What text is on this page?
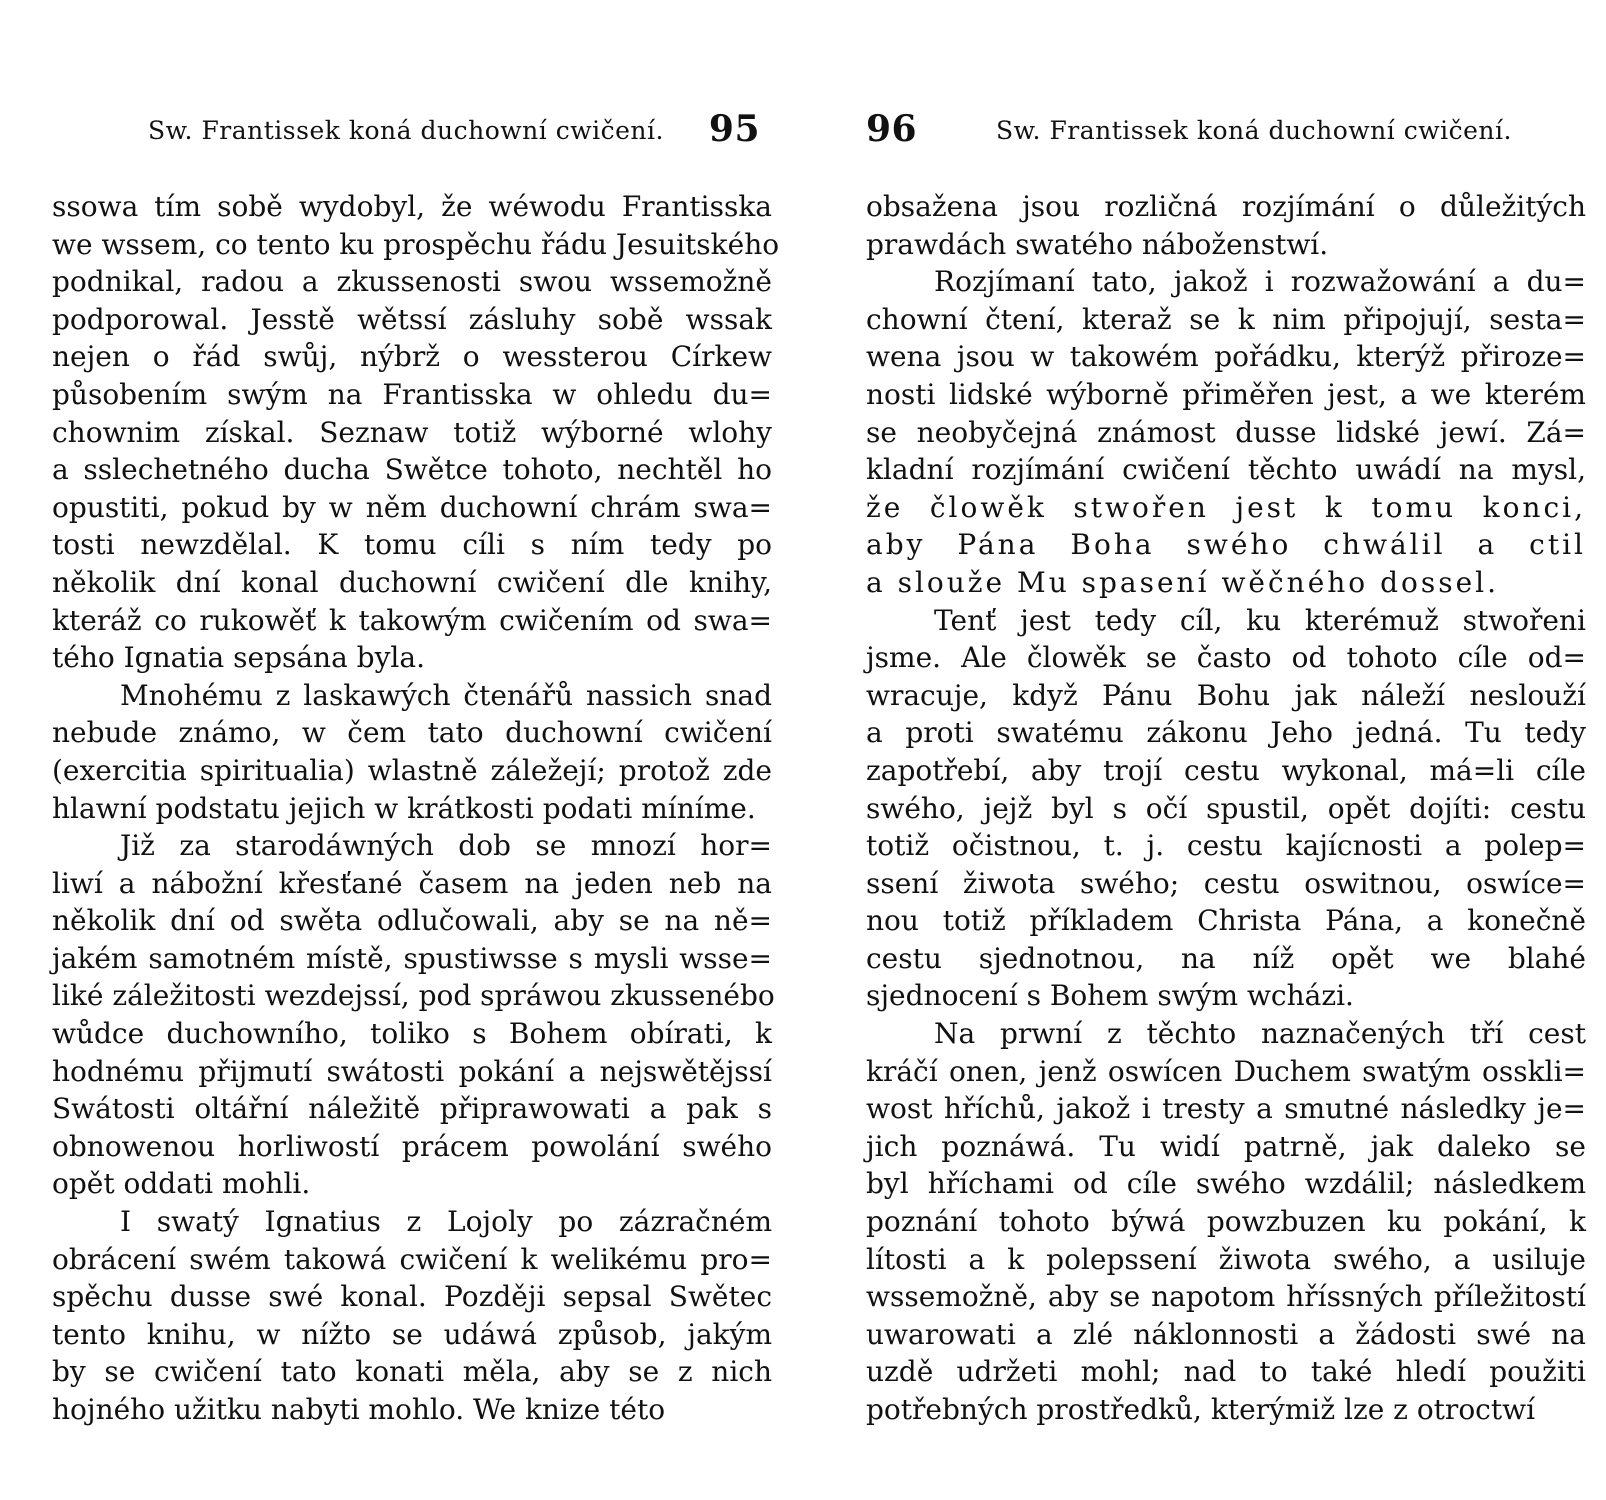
Sw. Frantissek koná duchowní cwičení. 95
ssowa tím sobě wydobyl, že wéwodu Frantisska
we wssem, co tento ku prospěchu řádu Jesuitského
podnikal, radou a zkussenosti swou wssemožně
podporowal. Jesstě wětssí zásluhy sobě wssak
nejen o řád swůj, nýbrž o wessterou Církew
působením swým na Frantisska w ohledu du=
chownim získal. Seznaw totiž wýborné wlohy
a sslechetného ducha Swětce tohoto, nechtěl ho
opustiti, pokud by w něm duchowní chrám swa=
tosti newzdělal. K tomu cíli s ním tedy po
několik dní konal duchowní cwičení dle knihy,
kteráž co rukowěť k takowým cwičením od swa=
tého Ignatia sepsána byla.
Mnohému z laskawých čtenářů nassich snad
nebude známo, w čem tato duchowní cwičení
(exercitia spiritualia) wlastně záležejí; protož zde
hlawní podstatu jejich w krátkosti podati míníme.
Již za starodáwných dob se mnozí hor=
liwí a nábožní křesťané časem na jeden neb na
několik dní od swěta odlučowali, aby se na ně=
jakém samotném místě, spustiwsse s mysli wsse=
liké záležitosti wezdejssí, pod spráwou zkussenébo
wůdce duchowního, toliko s Bohem obírati, k
hodnému přijmutí swátosti pokání a nejswětějssí
Swátosti oltářní náležitě připrawowati a pak s
obnowenou horliwostí prácem powolání swého
opět oddati mohli.
I swatý Ignatius z Lojoly po zázračném
obrácení swém takowá cwičení k welikému pro=
spěchu dusse swé konal. Později sepsal Swětec
tento knihu, w nížto se udáwá způsob, jakým
by se cwičení tato konati měla, aby se z nich
hojného užitku nabyti mohlo. We knize této
96	Sw. Frantissek koná duchowní cwičení.
obsažena jsou rozličná rozjímání o důležitých
prawdách swatého náboženstwí.
Rozjímaní tato, jakož i rozwažowání a du=
chowní čtení, kteraž se k nim připojují, sesta=
wena jsou w takowém pořádku, kterýž přiroze=
nosti lidské wýborně přiměřen jest, a we kterém
se neobyčejná známost dusse lidské jewí. Zá=
kladní rozjímání cwičení těchto uwádí na mysl,
že člowěk stwořen jest k tomu konci,
aby Pána Boha swého chwálil a ctil
a slouže Mu spasení wěčného dossel.
Tenť jest tedy cíl, ku kterémuž stwořeni
jsme. Ale člowěk se často od tohoto cíle od=
wracuje, když Pánu Bohu jak náleží neslouží
a proti swatému zákonu Jeho jedná. Tu tedy
zapotřebí, aby trojí cestu wykonal, má=li cíle
swého, jejž byl s očí spustil, opět dojíti: cestu
totiž očistnou, t. j. cestu kajícnosti a polep=
ssení žiwota swého; cestu oswitnou, oswíce=
nou totiž příkladem Christa Pána, a konečně
cestu sjednotnou, na níž opět we blahé
sjednocení s Bohem swým wcházi.
Na prwní z těchto naznačených tří cest
kráčí onen, jenž oswícen Duchem swatým osskli=
wost hříchů, jakož i tresty a smutné následky je=
jich poznáwá. Tu widí patrně, jak daleko se
byl hříchami od cíle swého wzdálil; následkem
poznání tohoto býwá powzbuzen ku pokání, k
lítosti a k polepssení žiwota swého, a usiluje
wssemožně, aby se napotom hříssných příležitostí
uwarowati a zlé náklonnosti a žádosti swé na
uzdě udržeti mohl; nad to také hledí použiti
potřebných prostředků, kterýmiž lze z otroctwí
